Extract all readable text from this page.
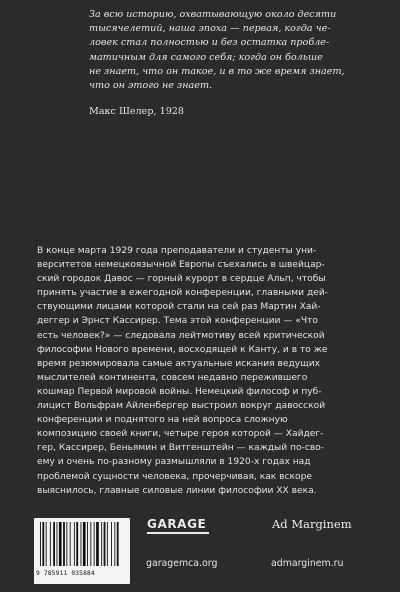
За всю историю, охватывающую около десяти

тысячелетий, наша эпоха — первая, когда че-

ловек стал полностью и без остатка пробле-

матичным для самого себя; когда он больше

не знает, что он такое, и в то же время знает,

что он этого не знает.

Макс Шелер, 1928

В конце марта 1929 года преподаватели и студенты уни-
верситетов немецкоязычной Европы съехались в швейцар-
ский городок Давос — горный курорт в сердце Альп, чтобы
принять участие в ежегодной конференции, главными дей-
ствующими лицами которой стали на сей раз Мартин Хай-
деггер и Эрнст Кассирер. Тема этой конференции — «Что
есть человек?» — следовала лейтмотиву всей критической
философии Нового времени, восходящей к Канту, и в то же
время резюмировала самые актуальные искания ведущих
мыслителей континента, совсем недавно пережившего
кошмар Первой мировой войны. Немецкий философ и пуб-
лицист Вольфрам Айленбергер выстроил вокруг давосской
конференции и поднятого на ней вопроса сложную
композицию своей книги, четыре героя которой — Хайдег-
гер, Кассирер, Беньямин и Витгенштейн — каждый по-сво-
ему и очень по-разному размышляли в 1920-х годах над
проблемой сущности человека, прочерчивая, как вскоре
выяснилось, главные силовые линии философии XX века.
9 785911 035884
GARAGE
garagemca.org
Ad Marginem
admarginem.ru
